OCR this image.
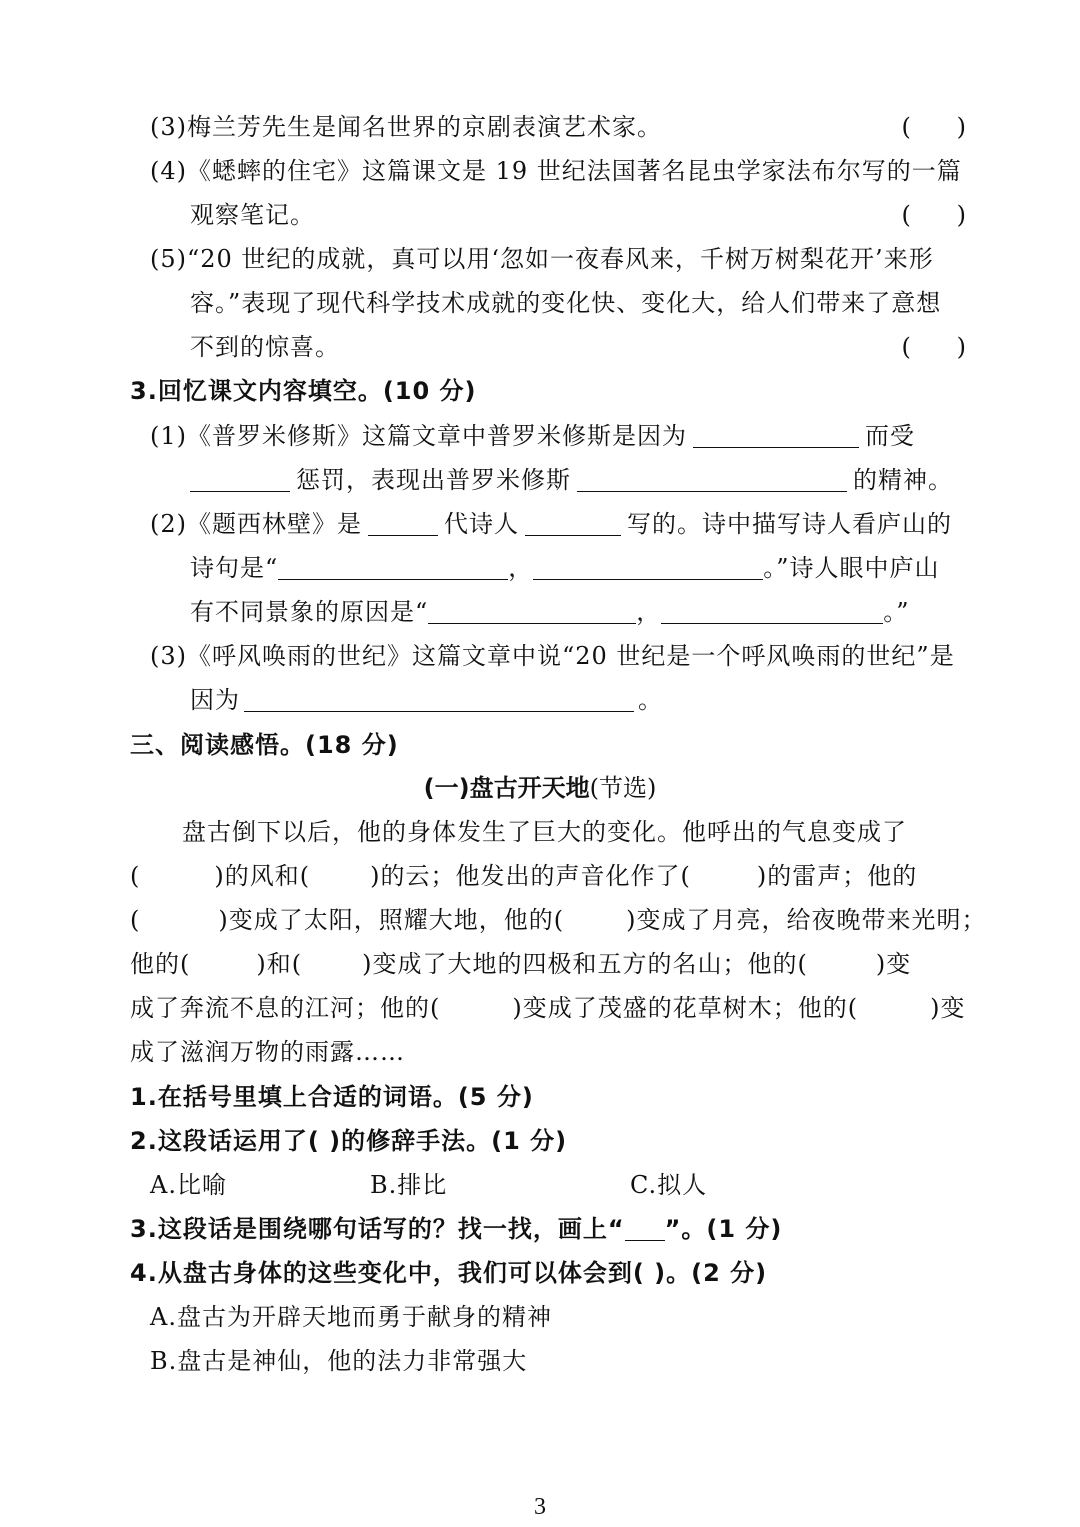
(3)梅兰芳先生是闻名世界的京剧表演艺术家。	(      )
(4)《蟋蟀的住宅》这篇课文是 19 世纪法国著名昆虫学家法布尔写的一篇
观察笔记。	(      )
(5)“20 世纪的成就，真可以用‘忽如一夜春风来，千树万树梨花开’来形
容。”表现了现代科学技术成就的变化快、变化大，给人们带来了意想
不到的惊喜。	(      )
3.回忆课文内容填空。(10 分)
(1)《普罗米修斯》这篇文章中普罗米修斯是因为	而受
惩罚，表现出普罗米修斯	的精神。
(2)《题西林壁》是	代诗人	写的。诗中描写诗人看庐山的
诗句是“	，	。”诗人眼中庐山
有不同景象的原因是“	，	。”
(3)《呼风唤雨的世纪》这篇文章中说“20 世纪是一个呼风唤雨的世纪”是
因为	。
三、阅读感悟。(18 分)
(一)盘古开天地(节选)
盘古倒下以后，他的身体发生了巨大的变化。他呼出的气息变成了
(	)的风和(	)的云；他发出的声音化作了(	)的雷声；他的
(	)变成了太阳，照耀大地，他的(	)变成了月亮，给夜晚带来光明；
他的(	)和(	)变成了大地的四极和五方的名山；他的(	)变
成了奔流不息的江河；他的(	)变成了茂盛的花草树木；他的(	)变
成了滋润万物的雨露……
1.在括号里填上合适的词语。(5 分)
2.这段话运用了( )的修辞手法。(1 分)
A.比喻	B.排比	C.拟人
3.这段话是围绕哪句话写的？找一找，画上“ ”。(1 分)
4.从盘古身体的这些变化中，我们可以体会到( )。(2 分)
A.盘古为开辟天地而勇于献身的精神
B.盘古是神仙，他的法力非常强大
3
